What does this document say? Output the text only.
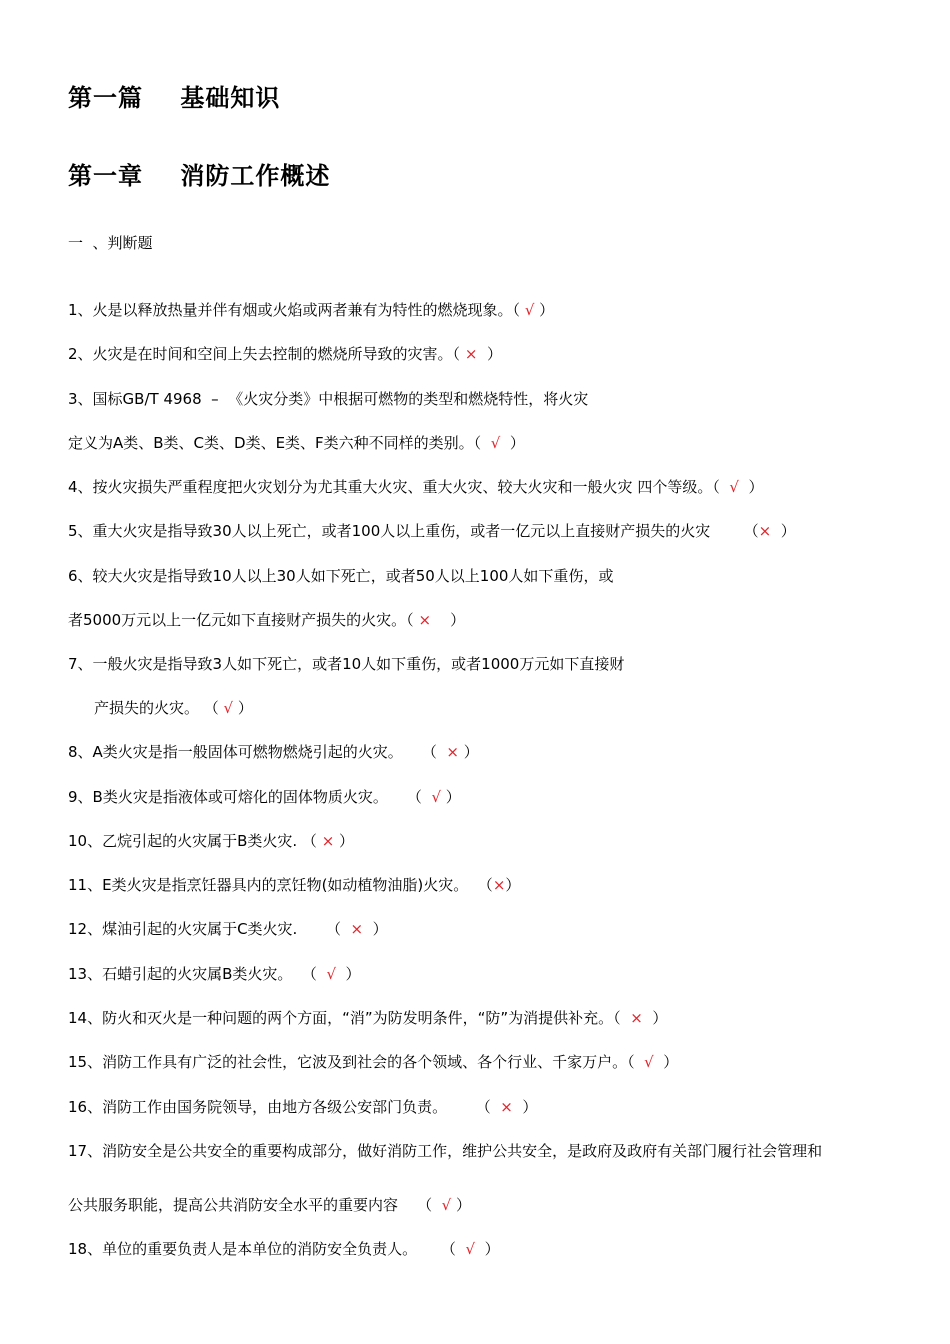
第一篇    基础知识
第一章    消防工作概述
一  、判断题
1、火是以释放热量并伴有烟或火焰或两者兼有为特性的燃烧现象。（ √ ）
2、火灾是在时间和空间上失去控制的燃烧所导致的灾害。（ ×  ）
3、国标GB/T 4968  –  《火灾分类》中根据可燃物的类型和燃烧特性，将火灾
定义为A类、B类、C类、D类、E类、F类六种不同样的类别。（  √  ）
4、按火灾损失严重程度把火灾划分为尤其重大火灾、重大火灾、较大火灾和一般火灾 四个等级。（  √  ）
5、重大火灾是指导致30人以上死亡，或者100人以上重伤，或者一亿元以上直接财产损失的火灾       （×  ）
6、较大火灾是指导致10人以上30人如下死亡，或者50人以上100人如下重伤，或
者5000万元以上一亿元如下直接财产损失的火灾。（ ×    ）
7、一般火灾是指导致3人如下死亡，或者10人如下重伤，或者1000万元如下直接财
产损失的火灾。 （ √ ）
8、A类火灾是指一般固体可燃物燃烧引起的火灾。    （  × ）
9、B类火灾是指液体或可熔化的固体物质火灾。    （  √ ）
10、乙烷引起的火灾属于B类火灾. （ × ）
11、E类火灾是指烹饪器具内的烹饪物(如动植物油脂)火灾。  （×）
12、煤油引起的火灾属于C类火灾.      （  ×  ）
13、石蜡引起的火灾属B类火灾。  （  √  ）
14、防火和灭火是一种问题的两个方面，“消”为防发明条件，“防”为消提供补充。（  ×  ）
15、消防工作具有广泛的社会性，它波及到社会的各个领域、各个行业、千家万户。（  √  ）
16、消防工作由国务院领导，由地方各级公安部门负责。      （  ×  ）
17、消防安全是公共安全的重要构成部分，做好消防工作，维护公共安全，是政府及政府有关部门履行社会管理和
公共服务职能，提高公共消防安全水平的重要内容    （  √ ）
18、单位的重要负责人是本单位的消防安全负责人。     （  √  ）
